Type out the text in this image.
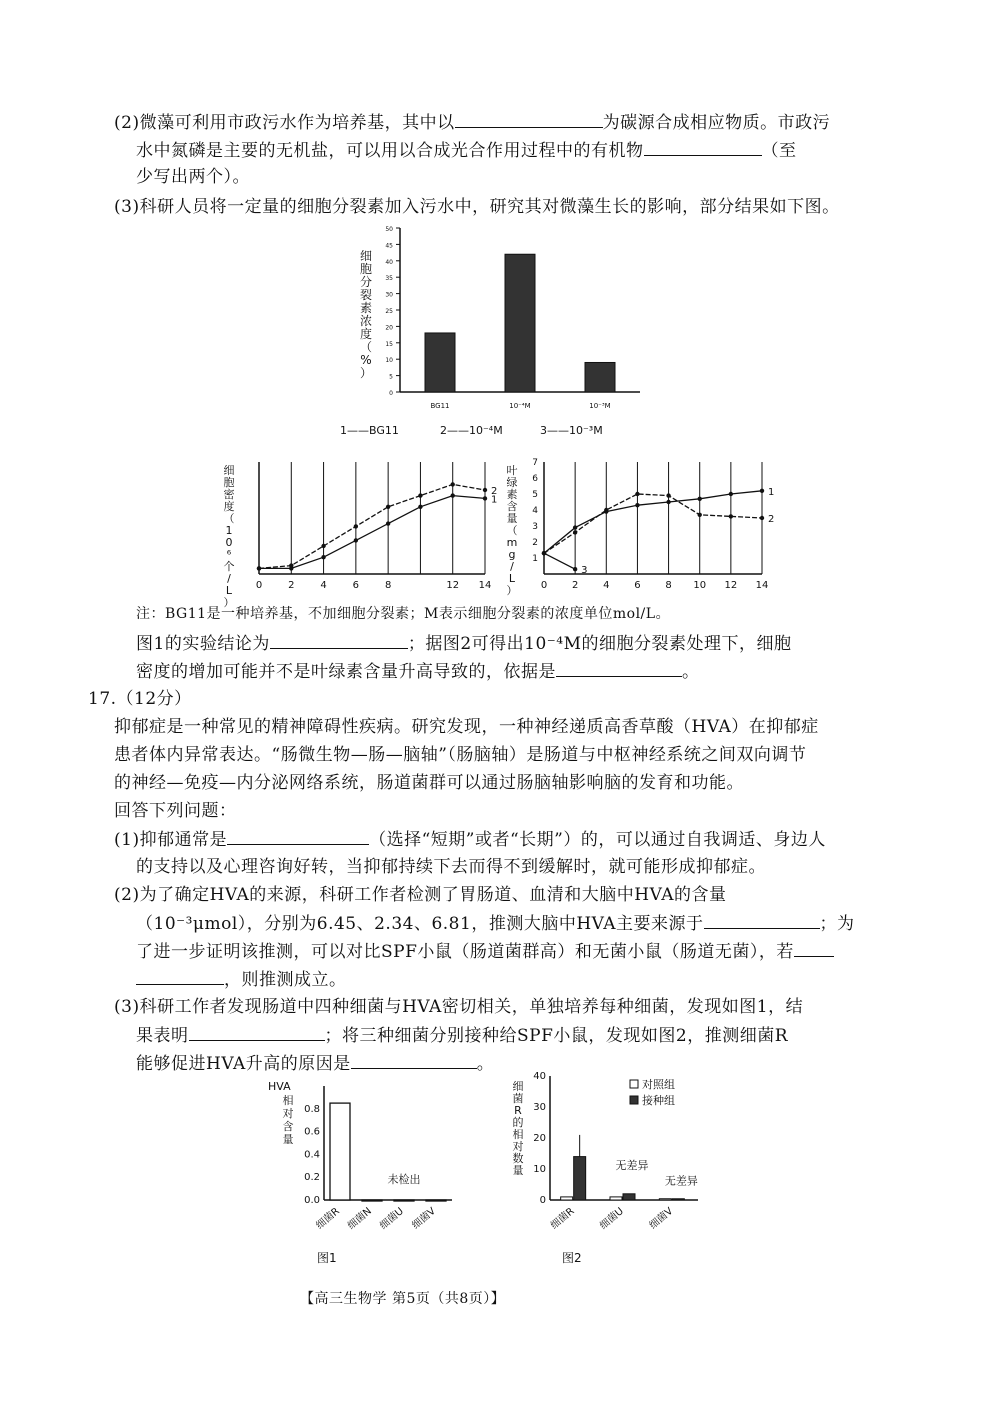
(2)微藻可利用市政污水作为培养基，其中以	为碳源合成相应物质。市政污
水中氮磷是主要的无机盐，可以用以合成光合作用过程中的有机物	（至
少写出两个）。
(3)科研人员将一定量的细胞分裂素加入污水中，研究其对微藻生长的影响，部分结果如下图。
50
45
40
35
30
25
20
15
10
5
0
细
胞
分
裂
素
浓
度
（
%
）
BG11	10⁻⁴M	10⁻³M
1——BG11	2——10⁻⁴M	3——10⁻³M
0	2	4	6	8	12 14
细
胞
密
度
（
1
0
⁶
个
/
L
）
1
2
0 2 4 6 8 10 12 14
7
6
5
4
3
2
1
叶
绿
素
含
量
（
m
g
/
L
）
1
2
3
注：BG11是一种培养基，不加细胞分裂素；M表示细胞分裂素的浓度单位mol/L。
图1的实验结论为	；据图2可得出10⁻⁴M的细胞分裂素处理下，细胞
密度的增加可能并不是叶绿素含量升高导致的，依据是	。
17.（12分）
抑郁症是一种常见的精神障碍性疾病。研究发现，一种神经递质高香草酸（HVA）在抑郁症
患者体内异常表达。“肠微生物—肠—脑轴”（肠脑轴）是肠道与中枢神经系统之间双向调节
的神经—免疫—内分泌网络系统，肠道菌群可以通过肠脑轴影响脑的发育和功能。
回答下列问题：
(1)抑郁通常是	（选择“短期”或者“长期”）的，可以通过自我调适、身边人
的支持以及心理咨询好转，当抑郁持续下去而得不到缓解时，就可能形成抑郁症。
(2)为了确定HVA的来源，科研工作者检测了胃肠道、血清和大脑中HVA的含量
（10⁻³μmol），分别为6.45、2.34、6.81，推测大脑中HVA主要来源于	；为
了进一步证明该推测，可以对比SPF小鼠（肠道菌群高）和无菌小鼠（肠道无菌），若
，则推测成立。
(3)科研工作者发现肠道中四种细菌与HVA密切相关，单独培养每种细菌，发现如图1，结
果表明	；将三种细菌分别接种给SPF小鼠，发现如图2，推测细菌R
能够促进HVA升高的原因是	。
0.8
0.6
0.4
0.2
0.0
HVA
相
对
含
量
细菌R 细菌N 细菌U 细菌V
未检出
图1
40
30
20
10
0
细
菌
R
的
相
对
数
量
细菌R 细菌U 细菌V
无差异
无差异
对照组
接种组
图2
【高三生物学 第5页（共8页）】
